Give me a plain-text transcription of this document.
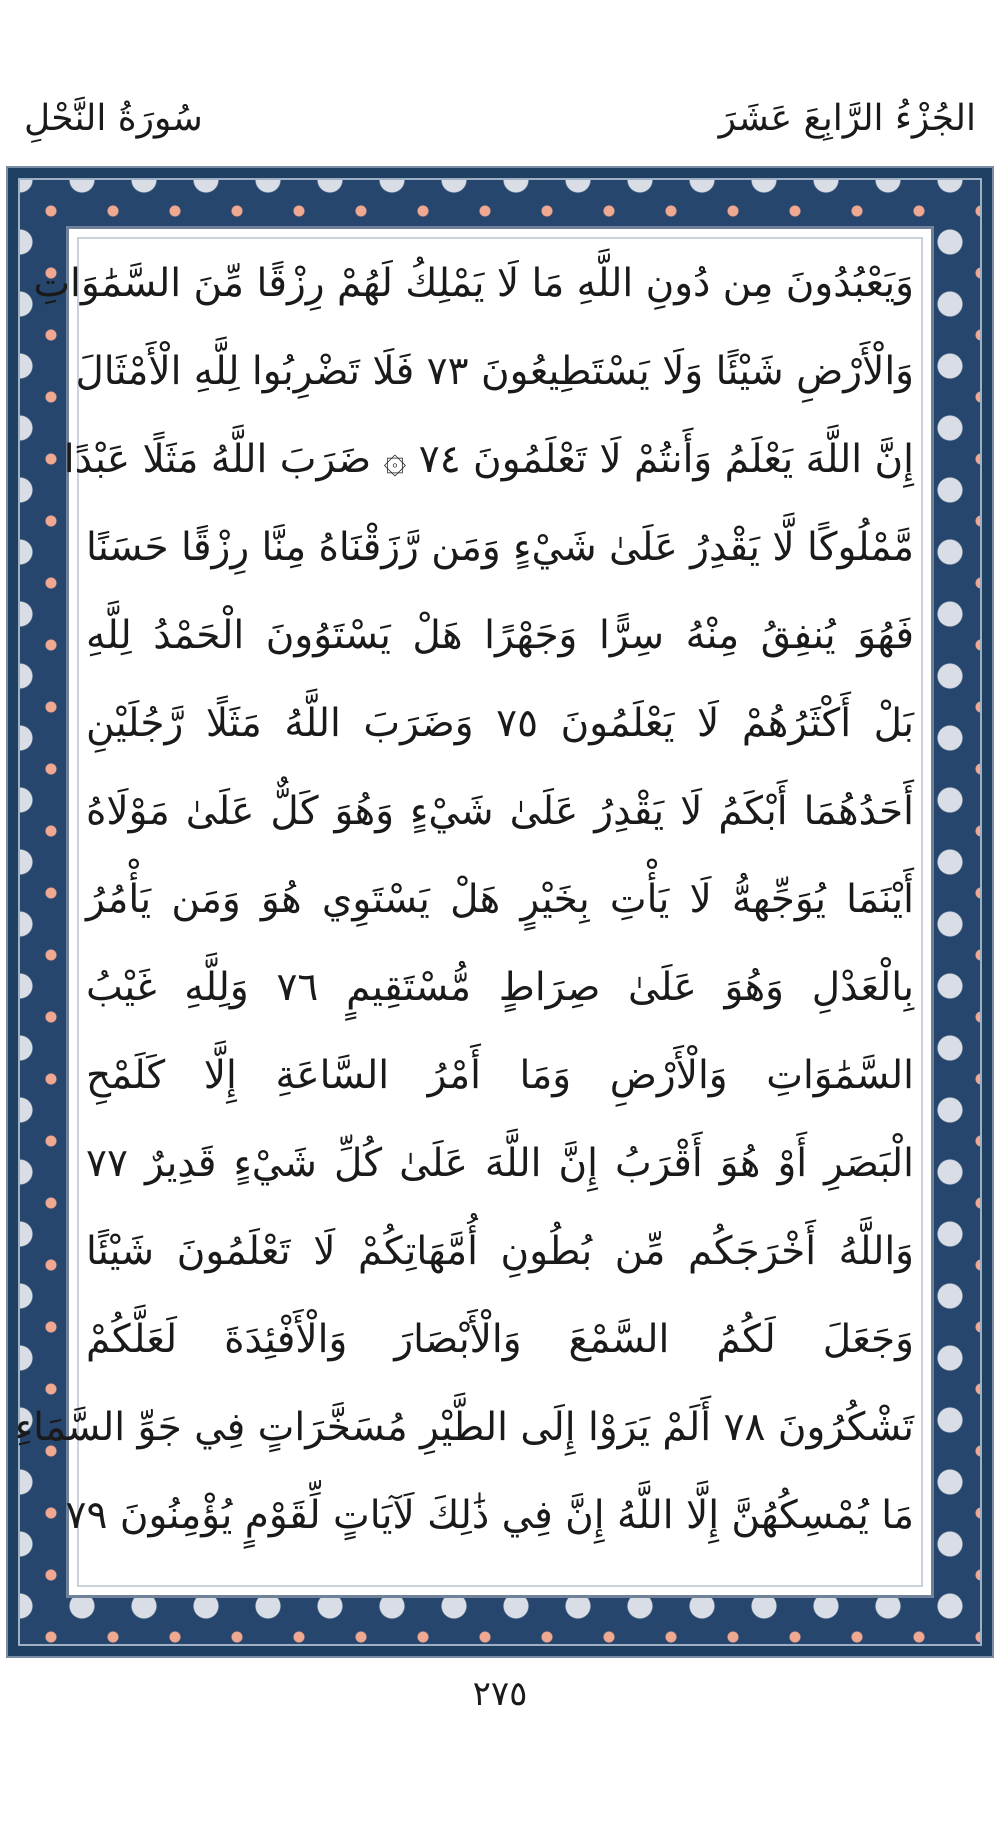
سُورَةُ النَّحْلِ	الجُزْءُ الرَّابِعَ عَشَرَ
وَيَعْبُدُونَ مِن دُونِ اللَّهِ مَا لَا يَمْلِكُ لَهُمْ رِزْقًا مِّنَ السَّمَٰوَاتِ
وَالْأَرْضِ شَيْئًا وَلَا يَسْتَطِيعُونَ ٧٣ فَلَا تَضْرِبُوا لِلَّهِ الْأَمْثَالَ
إِنَّ اللَّهَ يَعْلَمُ وَأَنتُمْ لَا تَعْلَمُونَ ٧٤ ۞ ضَرَبَ اللَّهُ مَثَلًا عَبْدًا
مَّمْلُوكًا لَّا يَقْدِرُ عَلَىٰ شَيْءٍ وَمَن رَّزَقْنَاهُ مِنَّا رِزْقًا حَسَنًا
فَهُوَ يُنفِقُ مِنْهُ سِرًّا وَجَهْرًا هَلْ يَسْتَوُونَ الْحَمْدُ لِلَّهِ
بَلْ أَكْثَرُهُمْ لَا يَعْلَمُونَ ٧٥ وَضَرَبَ اللَّهُ مَثَلًا رَّجُلَيْنِ
أَحَدُهُمَا أَبْكَمُ لَا يَقْدِرُ عَلَىٰ شَيْءٍ وَهُوَ كَلٌّ عَلَىٰ مَوْلَاهُ
أَيْنَمَا يُوَجِّههُّ لَا يَأْتِ بِخَيْرٍ هَلْ يَسْتَوِي هُوَ وَمَن يَأْمُرُ
بِالْعَدْلِ وَهُوَ عَلَىٰ صِرَاطٍ مُّسْتَقِيمٍ ٧٦ وَلِلَّهِ غَيْبُ
السَّمَٰوَاتِ وَالْأَرْضِ وَمَا أَمْرُ السَّاعَةِ إِلَّا كَلَمْحِ
الْبَصَرِ أَوْ هُوَ أَقْرَبُ إِنَّ اللَّهَ عَلَىٰ كُلِّ شَيْءٍ قَدِيرٌ ٧٧
وَاللَّهُ أَخْرَجَكُم مِّن بُطُونِ أُمَّهَاتِكُمْ لَا تَعْلَمُونَ شَيْئًا
وَجَعَلَ لَكُمُ السَّمْعَ وَالْأَبْصَارَ وَالْأَفْئِدَةَ لَعَلَّكُمْ
تَشْكُرُونَ ٧٨ أَلَمْ يَرَوْا إِلَى الطَّيْرِ مُسَخَّرَاتٍ فِي جَوِّ السَّمَاءِ
مَا يُمْسِكُهُنَّ إِلَّا اللَّهُ إِنَّ فِي ذَٰلِكَ لَآيَاتٍ لِّقَوْمٍ يُؤْمِنُونَ ٧٩
٢٧٥
